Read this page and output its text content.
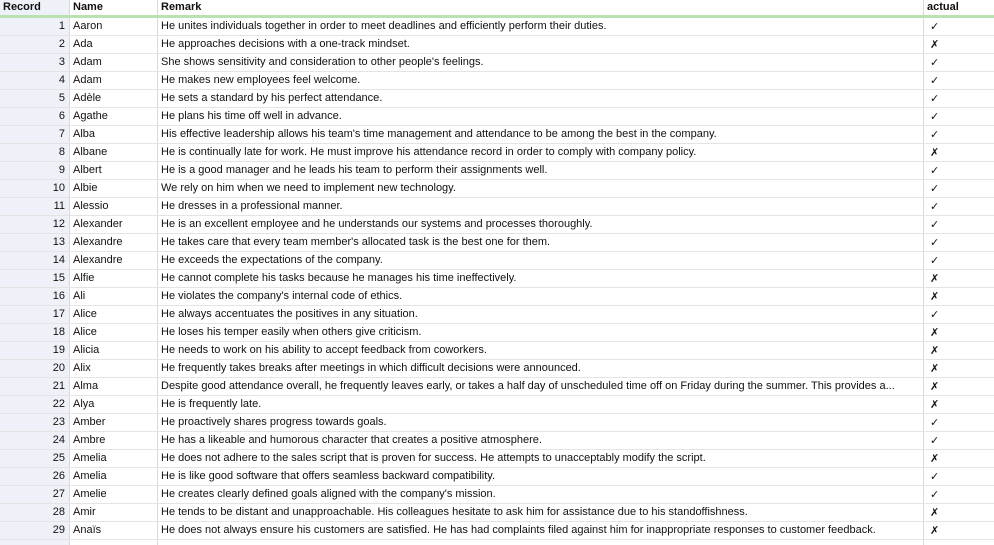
Record	Name	Remark	actual
1 Aaron	He unites individuals together in order to meet deadlines and efficiently perform their duties.	✓
2 Ada	He approaches decisions with a one-track mindset.	✗
3 Adam	She shows sensitivity and consideration to other people's feelings.	✓
4 Adam	He makes new employees feel welcome.	✓
5 Adèle	He sets a standard by his perfect attendance.	✓
6 Agathe	He plans his time off well in advance.	✓
7 Alba	His effective leadership allows his team's time management and attendance to be among the best in the company.	✓
8 Albane	He is continually late for work. He must improve his attendance record in order to comply with company policy.	✗
9 Albert	He is a good manager and he leads his team to perform their assignments well.	✓
10 Albie	We rely on him when we need to implement new technology.	✓
11 Alessio	He dresses in a professional manner.	✓
12 Alexander	He is an excellent employee and he understands our systems and processes thoroughly.	✓
13 Alexandre	He takes care that every team member's allocated task is the best one for them.	✓
14 Alexandre	He exceeds the expectations of the company.	✓
15 Alfie	He cannot complete his tasks because he manages his time ineffectively.	✗
16 Ali	He violates the company's internal code of ethics.	✗
17 Alice	He always accentuates the positives in any situation.	✓
18 Alice	He loses his temper easily when others give criticism.	✗
19 Alicia	He needs to work on his ability to accept feedback from coworkers.	✗
20 Alix	He frequently takes breaks after meetings in which difficult decisions were announced.	✗
21 Alma	Despite good attendance overall, he frequently leaves early, or takes a half day of unscheduled time off on Friday during the summer. This provides a...	✗
22 Alya	He is frequently late.	✗
23 Amber	He proactively shares progress towards goals.	✓
24 Ambre	He has a likeable and humorous character that creates a positive atmosphere.	✓
25 Amelia	He does not adhere to the sales script that is proven for success. He attempts to unacceptably modify the script.	✗
26 Amelia	He is like good software that offers seamless backward compatibility.	✓
27 Amelie	He creates clearly defined goals aligned with the company's mission.	✓
28 Amir	He tends to be distant and unapproachable. His colleagues hesitate to ask him for assistance due to his standoffishness.	✗
29 Anaïs	He does not always ensure his customers are satisfied. He has had complaints filed against him for inappropriate responses to customer feedback.	✗
